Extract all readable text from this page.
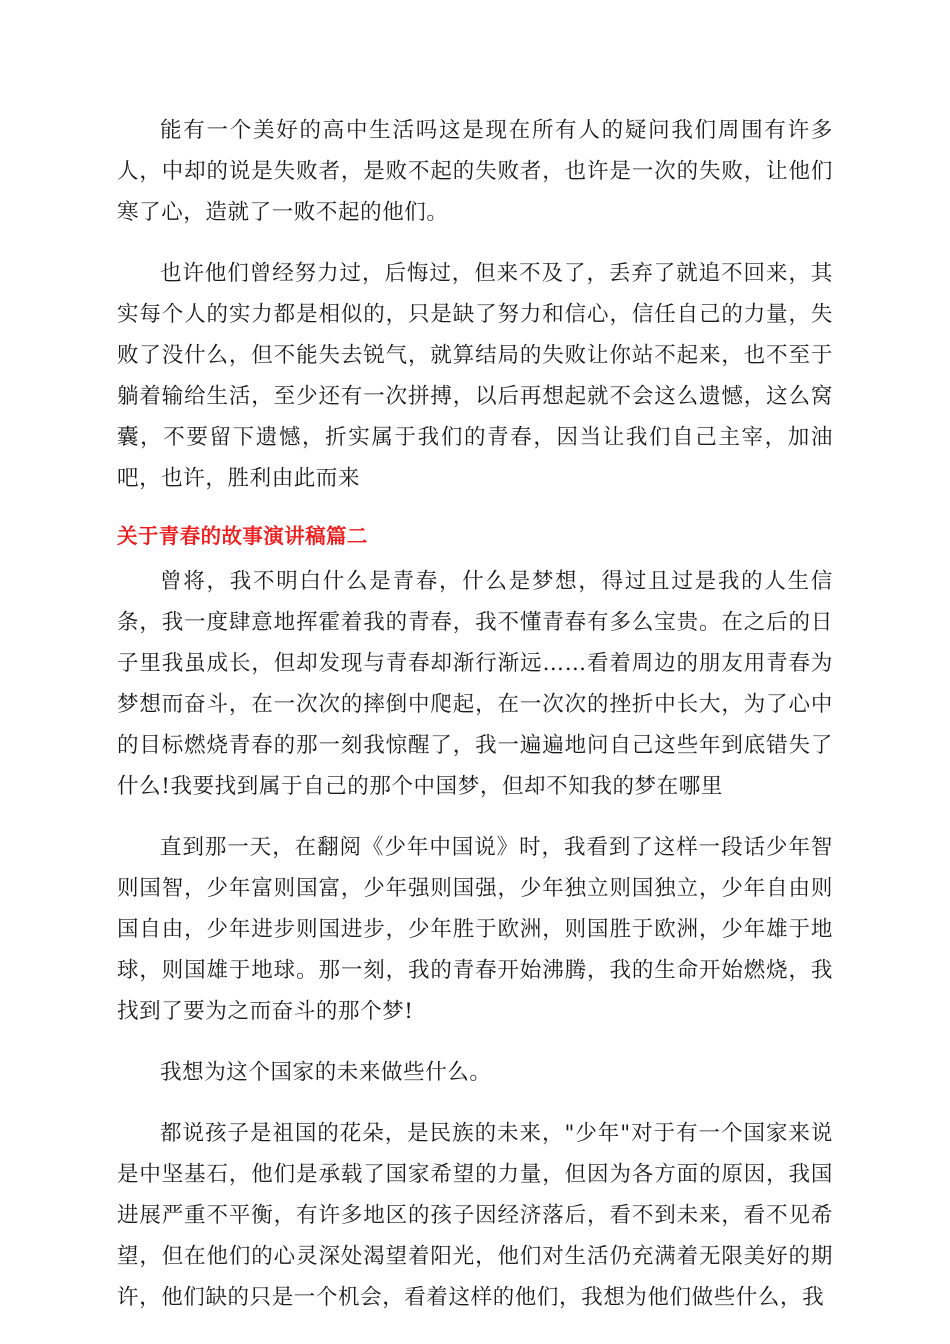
能有一个美好的高中生活吗这是现在所有人的疑问我们周围有许多人，中却的说是失败者，是败不起的失败者，也许是一次的失败，让他们寒了心，造就了一败不起的他们。

也许他们曾经努力过，后悔过，但来不及了，丢弃了就追不回来，其实每个人的实力都是相似的，只是缺了努力和信心，信任自己的力量，失败了没什么，但不能失去锐气，就算结局的失败让你站不起来，也不至于躺着输给生活，至少还有一次拼搏，以后再想起就不会这么遗憾，这么窝囊，不要留下遗憾，折实属于我们的青春，因当让我们自己主宰，加油吧，也许，胜利由此而来

关于青春的故事演讲稿篇二

曾将，我不明白什么是青春，什么是梦想，得过且过是我的人生信条，我一度肆意地挥霍着我的青春，我不懂青春有多么宝贵。在之后的日子里我虽成长，但却发现与青春却渐行渐远……看着周边的朋友用青春为梦想而奋斗，在一次次的摔倒中爬起，在一次次的挫折中长大，为了心中的目标燃烧青春的那一刻我惊醒了，我一遍遍地问自己这些年到底错失了什么!我要找到属于自己的那个中国梦，但却不知我的梦在哪里

直到那一天，在翻阅《少年中国说》时，我看到了这样一段话少年智则国智，少年富则国富，少年强则国强，少年独立则国独立，少年自由则国自由，少年进步则国进步，少年胜于欧洲，则国胜于欧洲，少年雄于地球，则国雄于地球。那一刻，我的青春开始沸腾，我的生命开始燃烧，我找到了要为之而奋斗的那个梦!

我想为这个国家的未来做些什么。

都说孩子是祖国的花朵，是民族的未来，"少年"对于有一个国家来说是中坚基石，他们是承载了国家希望的力量，但因为各方面的原因，我国进展严重不平衡，有许多地区的孩子因经济落后，看不到未来，看不见希望，但在他们的心灵深处渴望着阳光，他们对生活仍充满着无限美好的期许，他们缺的只是一个机会，看着这样的他们，我想为他们做些什么，我
